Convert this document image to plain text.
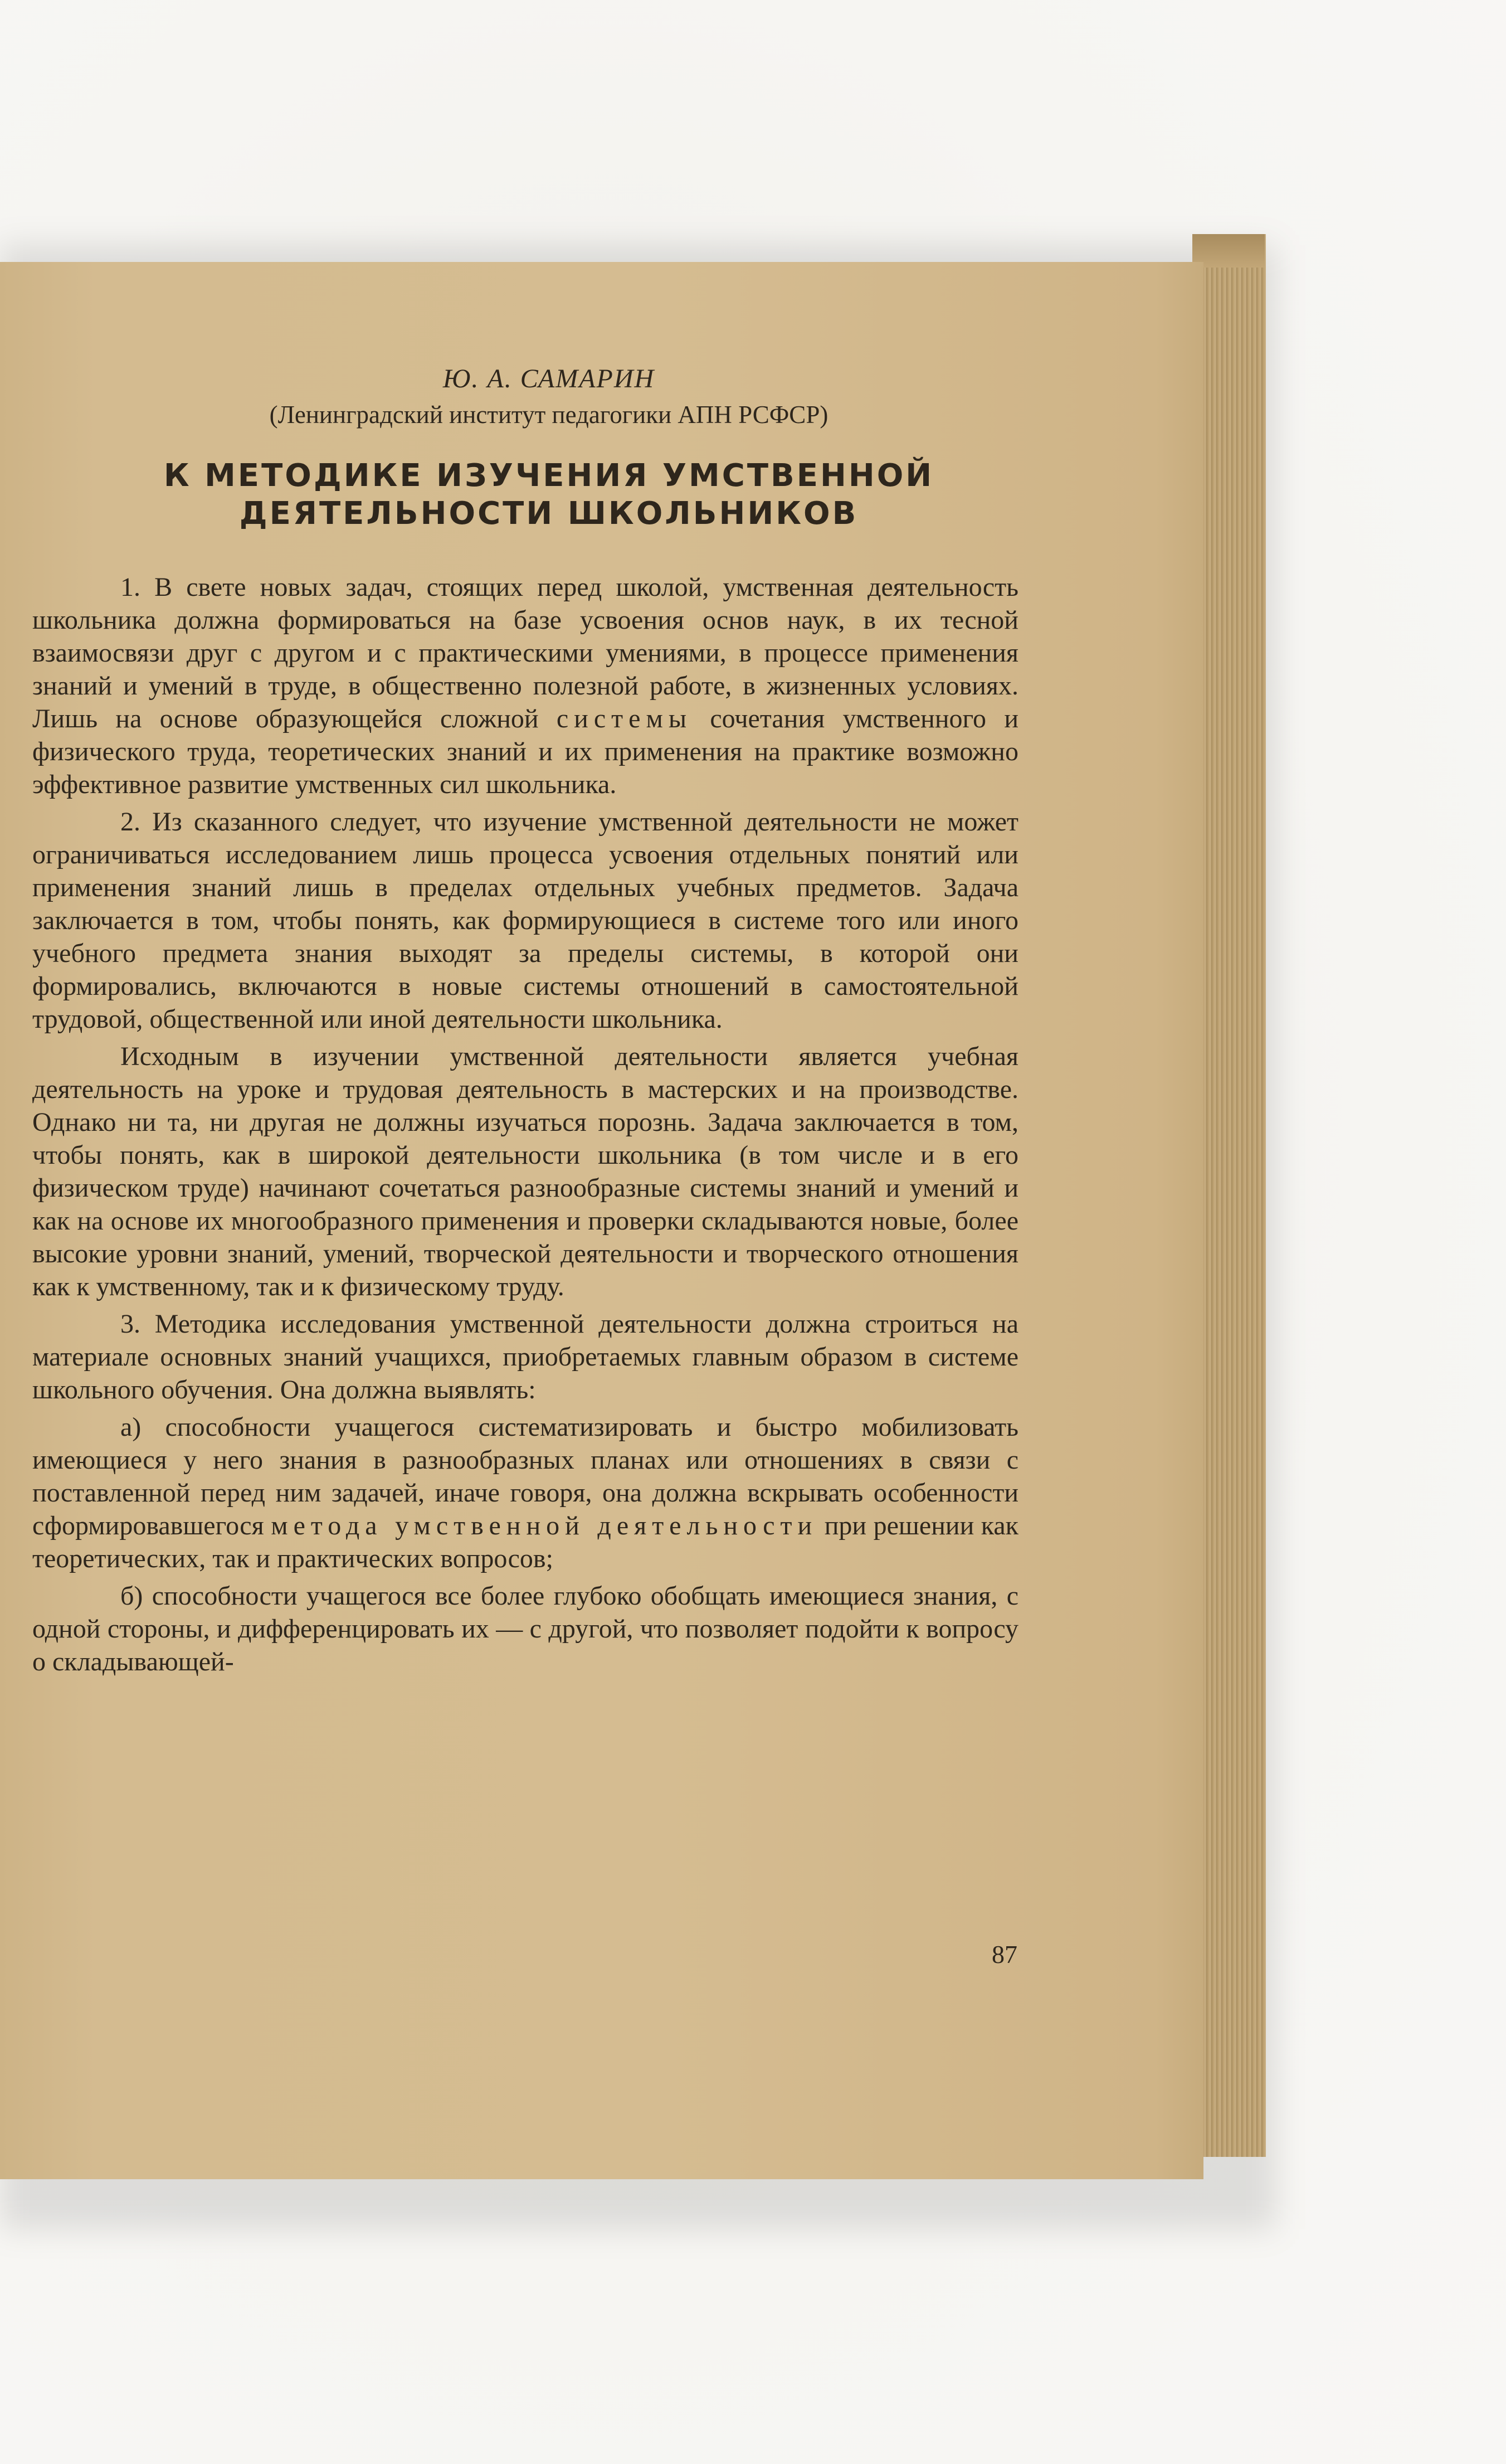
Ю. А. САМАРИН
(Ленинградский институт педагогики АПН РСФСР)
К МЕТОДИКЕ ИЗУЧЕНИЯ УМСТВЕННОЙ
ДЕЯТЕЛЬНОСТИ ШКОЛЬНИКОВ

1. В свете новых задач, стоящих перед школой, умственная деятельность школьника должна формироваться на базе усвоения основ наук, в их тесной взаимосвязи друг с другом и с практическими умениями, в процессе применения знаний и умений в труде, в общественно полезной работе, в жизненных условиях. Лишь на основе образующейся сложной системы сочетания умственного и физического труда, теоретических знаний и их применения на практике возможно эффективное развитие умственных сил школьника.

2. Из сказанного следует, что изучение умственной деятельности не может ограничиваться исследованием лишь процесса усвоения отдельных понятий или применения знаний лишь в пределах отдельных учебных предметов. Задача заключается в том, чтобы понять, как формирующиеся в системе того или иного учебного предмета знания выходят за пределы системы, в которой они формировались, включаются в новые системы отношений в самостоятельной трудовой, общественной или иной деятельности школьника.

Исходным в изучении умственной деятельности является учебная деятельность на уроке и трудовая деятельность в мастерских и на производстве. Однако ни та, ни другая не должны изучаться порознь. Задача заключается в том, чтобы понять, как в широкой деятельности школьника (в том числе и в его физическом труде) начинают сочетаться разнообразные системы знаний и умений и как на основе их многообразного применения и проверки складываются новые, более высокие уровни знаний, умений, творческой деятельности и творческого отношения как к умственному, так и к физическому труду.

3. Методика исследования умственной деятельности должна строиться на материале основных знаний учащихся, приобретаемых главным образом в системе школьного обучения. Она должна выявлять:

а) способности учащегося систематизировать и быстро мобилизовать имеющиеся у него знания в разнообразных планах или отношениях в связи с поставленной перед ним задачей, иначе говоря, она должна вскрывать особенности сформировавшегося метода умственной деятельности при решении как теоретических, так и практических вопросов;

б) способности учащегося все более глубоко обобщать имеющиеся знания, с одной стороны, и дифференцировать их — с другой, что позволяет подойти к вопросу о складывающей-

87
